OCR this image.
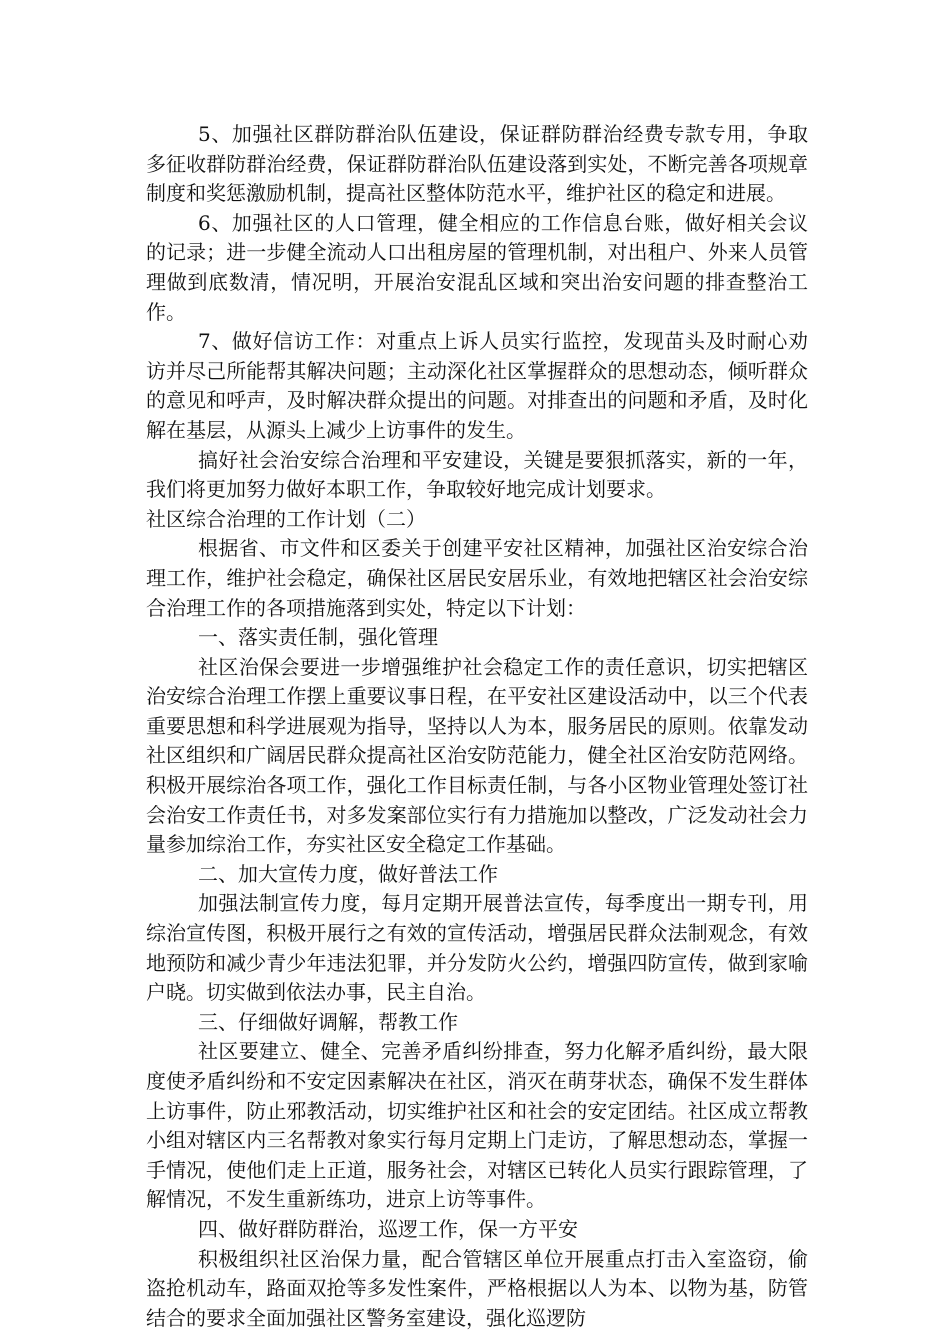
5、加强社区群防群治队伍建设，保证群防群治经费专款专用，争取多征收群防群治经费，保证群防群治队伍建设落到实处，不断完善各项规章制度和奖惩激励机制，提高社区整体防范水平，维护社区的稳定和进展。

6、加强社区的人口管理，健全相应的工作信息台账，做好相关会议的记录；进一步健全流动人口出租房屋的管理机制，对出租户、外来人员管理做到底数清，情况明，开展治安混乱区域和突出治安问题的排查整治工作。

7、做好信访工作：对重点上诉人员实行监控，发现苗头及时耐心劝访并尽己所能帮其解决问题；主动深化社区掌握群众的思想动态，倾听群众的意见和呼声，及时解决群众提出的问题。对排查出的问题和矛盾，及时化解在基层，从源头上减少上访事件的发生。

搞好社会治安综合治理和平安建设，关键是要狠抓落实，新的一年，我们将更加努力做好本职工作，争取较好地完成计划要求。

社区综合治理的工作计划（二）

根据省、市文件和区委关于创建平安社区精神，加强社区治安综合治理工作，维护社会稳定，确保社区居民安居乐业，有效地把辖区社会治安综合治理工作的各项措施落到实处，特定以下计划：

一、落实责任制，强化管理

社区治保会要进一步增强维护社会稳定工作的责任意识，切实把辖区治安综合治理工作摆上重要议事日程，在平安社区建设活动中，以三个代表重要思想和科学进展观为指导，坚持以人为本，服务居民的原则。依靠发动社区组织和广阔居民群众提高社区治安防范能力，健全社区治安防范网络。积极开展综治各项工作，强化工作目标责任制，与各小区物业管理处签订社会治安工作责任书，对多发案部位实行有力措施加以整改，广泛发动社会力量参加综治工作，夯实社区安全稳定工作基础。

二、加大宣传力度，做好普法工作

加强法制宣传力度，每月定期开展普法宣传，每季度出一期专刊，用综治宣传图，积极开展行之有效的宣传活动，增强居民群众法制观念，有效地预防和减少青少年违法犯罪，并分发防火公约，增强四防宣传，做到家喻户晓。切实做到依法办事，民主自治。

三、仔细做好调解，帮教工作

社区要建立、健全、完善矛盾纠纷排查，努力化解矛盾纠纷，最大限度使矛盾纠纷和不安定因素解决在社区，消灭在萌芽状态，确保不发生群体上访事件，防止邪教活动，切实维护社区和社会的安定团结。社区成立帮教小组对辖区内三名帮教对象实行每月定期上门走访，了解思想动态，掌握一手情况，使他们走上正道，服务社会，对辖区已转化人员实行跟踪管理，了解情况，不发生重新练功，进京上访等事件。

四、做好群防群治，巡逻工作，保一方平安

积极组织社区治保力量，配合管辖区单位开展重点打击入室盗窃，偷盗抢机动车，路面双抢等多发性案件，严格根据以人为本、以物为基，防管结合的要求全面加强社区警务室建设，强化巡逻防
